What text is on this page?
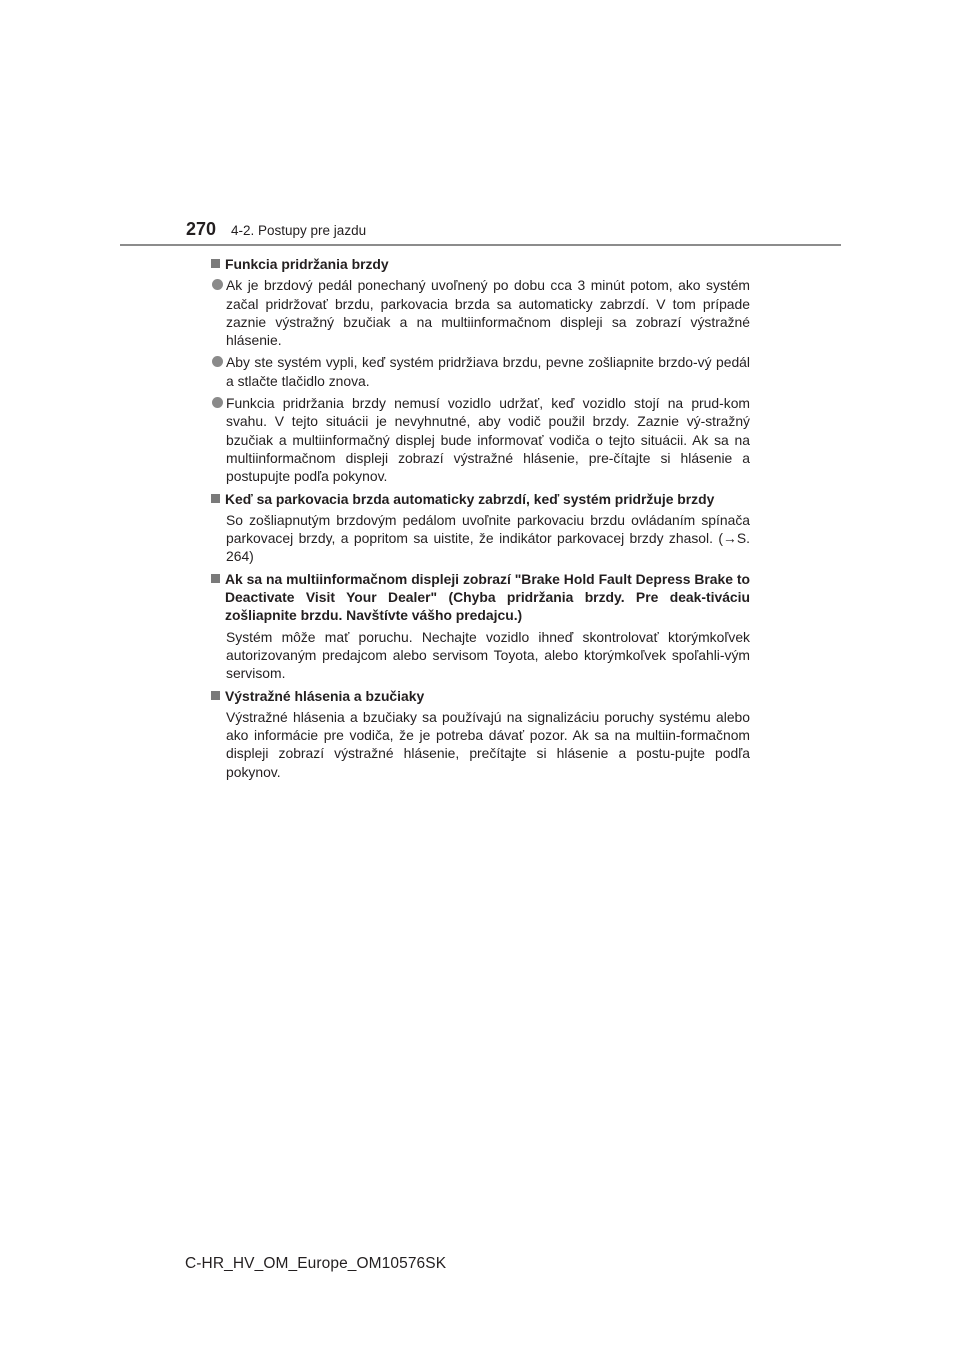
270 4-2. Postupy pre jazdu
Funkcia pridržania brzdy
Ak je brzdový pedál ponechaný uvoľnený po dobu cca 3 minút potom, ako systém začal pridržovať brzdu, parkovacia brzda sa automaticky zabrzdí. V tom prípade zaznie výstražný bzučiak a na multiinformačnom displeji sa zobrazí výstražné hlásenie.
Aby ste systém vypli, keď systém pridržiava brzdu, pevne zošliapnite brzdo-vý pedál a stlačte tlačidlo znova.
Funkcia pridržania brzdy nemusí vozidlo udržať, keď vozidlo stojí na prud-kom svahu. V tejto situácii je nevyhnutné, aby vodič použil brzdy. Zaznie vý-stražný bzučiak a multiinformačný displej bude informovať vodiča o tejto situácii. Ak sa na multiinformačnom displeji zobrazí výstražné hlásenie, pre-čítajte si hlásenie a postupujte podľa pokynov.
Keď sa parkovacia brzda automaticky zabrzdí, keď systém pridržuje brzdy
So zošliapnutým brzdovým pedálom uvoľnite parkovaciu brzdu ovládaním spínača parkovacej brzdy, a popritom sa uistite, že indikátor parkovacej brzdy zhasol. (→S. 264)
Ak sa na multiinformačnom displeji zobrazí "Brake Hold Fault Depress Brake to Deactivate Visit Your Dealer" (Chyba pridržania brzdy. Pre deak-tiváciu zošliapnite brzdu. Navštívte vášho predajcu.)
Systém môže mať poruchu. Nechajte vozidlo ihneď skontrolovať ktorýmkoľvek autorizovaným predajcom alebo servisom Toyota, alebo ktorýmkoľvek spoľahli-vým servisom.
Výstražné hlásenia a bzučiaky
Výstražné hlásenia a bzučiaky sa používajú na signalizáciu poruchy systému alebo ako informácie pre vodiča, že je potreba dávať pozor. Ak sa na multiin-formačnom displeji zobrazí výstražné hlásenie, prečítajte si hlásenie a postu-pujte podľa pokynov.
C-HR_HV_OM_Europe_OM10576SK
